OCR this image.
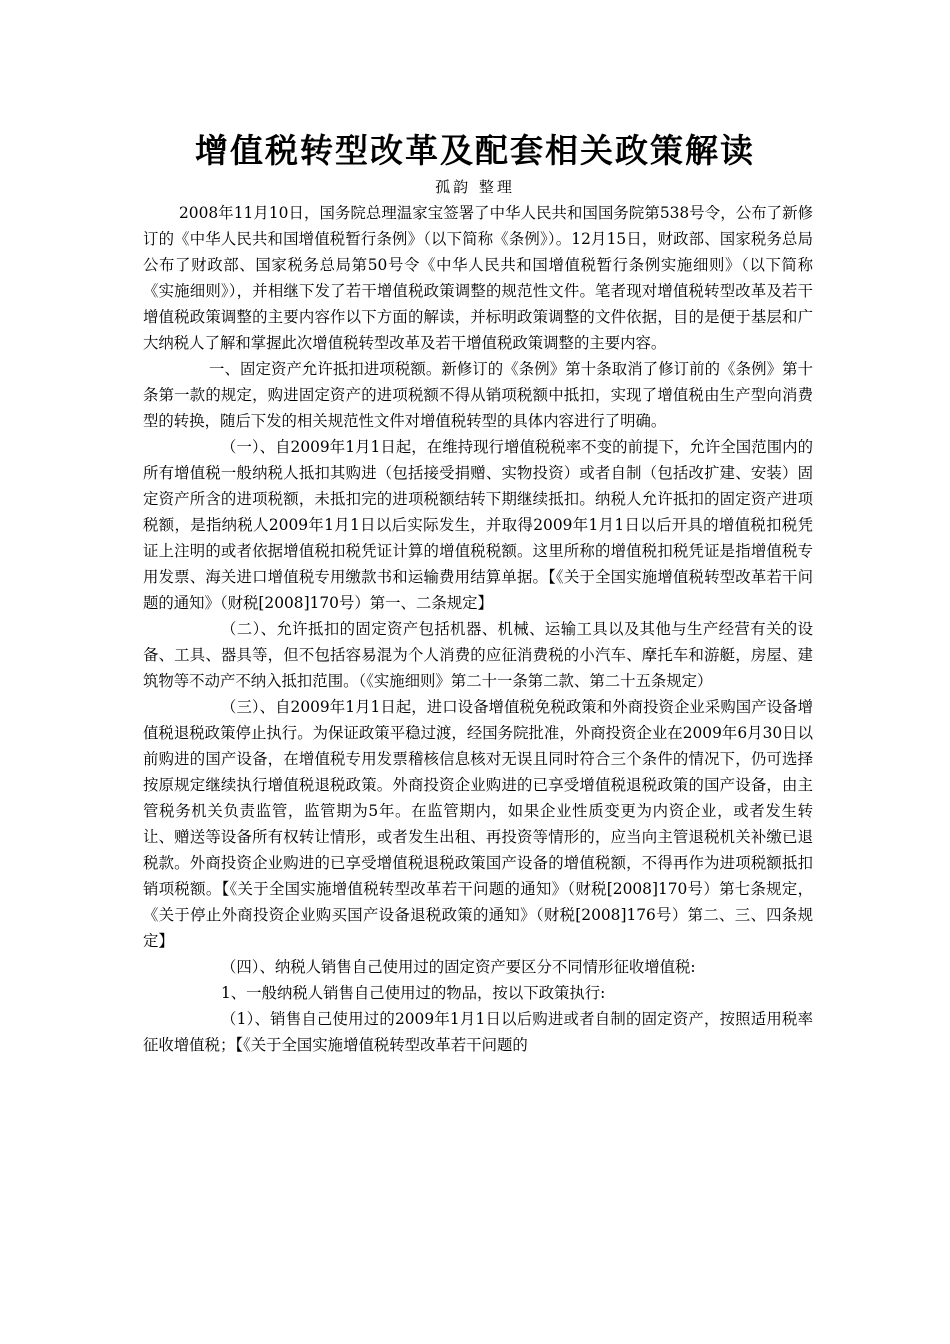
增值税转型改革及配套相关政策解读
孤韵 整理

2008年11月10日，国务院总理温家宝签署了中华人民共和国国务院第538号令，公布了新修订的《中华人民共和国增值税暂行条例》（以下简称《条例》）。12月15日，财政部、国家税务总局公布了财政部、国家税务总局第50号令《中华人民共和国增值税暂行条例实施细则》（以下简称《实施细则》），并相继下发了若干增值税政策调整的规范性文件。笔者现对增值税转型改革及若干增值税政策调整的主要内容作以下方面的解读，并标明政策调整的文件依据，目的是便于基层和广大纳税人了解和掌握此次增值税转型改革及若干增值税政策调整的主要内容。

一、固定资产允许抵扣进项税额。新修订的《条例》第十条取消了修订前的《条例》第十条第一款的规定，购进固定资产的进项税额不得从销项税额中抵扣，实现了增值税由生产型向消费型的转换，随后下发的相关规范性文件对增值税转型的具体内容进行了明确。

（一）、自2009年1月1日起，在维持现行增值税税率不变的前提下，允许全国范围内的所有增值税一般纳税人抵扣其购进（包括接受捐赠、实物投资）或者自制（包括改扩建、安装）固定资产所含的进项税额，未抵扣完的进项税额结转下期继续抵扣。纳税人允许抵扣的固定资产进项税额，是指纳税人2009年1月1日以后实际发生，并取得2009年1月1日以后开具的增值税扣税凭证上注明的或者依据增值税扣税凭证计算的增值税税额。这里所称的增值税扣税凭证是指增值税专用发票、海关进口增值税专用缴款书和运输费用结算单据。【《关于全国实施增值税转型改革若干问题的通知》（财税[2008]170号）第一、二条规定】

（二）、允许抵扣的固定资产包括机器、机械、运输工具以及其他与生产经营有关的设备、工具、器具等，但不包括容易混为个人消费的应征消费税的小汽车、摩托车和游艇，房屋、建筑物等不动产不纳入抵扣范围。（《实施细则》第二十一条第二款、第二十五条规定）

（三）、自2009年1月1日起，进口设备增值税免税政策和外商投资企业采购国产设备增值税退税政策停止执行。为保证政策平稳过渡，经国务院批准，外商投资企业在2009年6月30日以前购进的国产设备，在增值税专用发票稽核信息核对无误且同时符合三个条件的情况下，仍可选择按原规定继续执行增值税退税政策。外商投资企业购进的已享受增值税退税政策的国产设备，由主管税务机关负责监管，监管期为5年。在监管期内，如果企业性质变更为内资企业，或者发生转让、赠送等设备所有权转让情形，或者发生出租、再投资等情形的，应当向主管退税机关补缴已退税款。外商投资企业购进的已享受增值税退税政策国产设备的增值税额，不得再作为进项税额抵扣销项税额。【《关于全国实施增值税转型改革若干问题的通知》（财税[2008]170号）第七条规定，《关于停止外商投资企业购买国产设备退税政策的通知》（财税[2008]176号）第二、三、四条规定】

（四）、纳税人销售自己使用过的固定资产要区分不同情形征收增值税:

1、一般纳税人销售自己使用过的物品，按以下政策执行:

（1）、销售自己使用过的2009年1月1日以后购进或者自制的固定资产，按照适用税率征收增值税；【《关于全国实施增值税转型改革若干问题的
